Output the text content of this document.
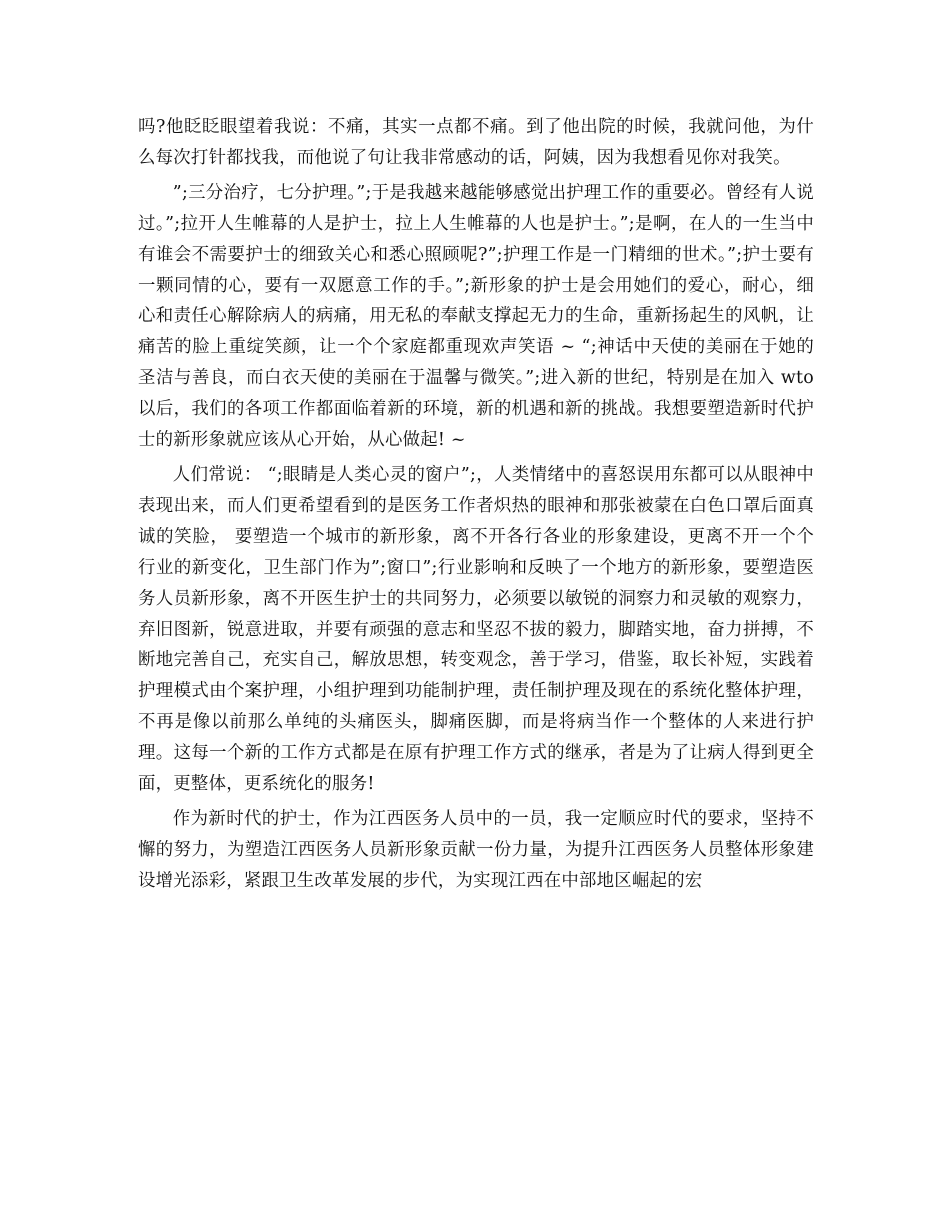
吗?他眨眨眼望着我说：不痛，其实一点都不痛。到了他出院的时候，我就问他，为什么每次打针都找我，而他说了句让我非常感动的话，阿姨，因为我想看见你对我笑。

”;三分治疗，七分护理。”;于是我越来越能够感觉出护理工作的重要必。曾经有人说过。”;拉开人生帷幕的人是护士，拉上人生帷幕的人也是护士。”;是啊，在人的一生当中有谁会不需要护士的细致关心和悉心照顾呢?”;护理工作是一门精细的世术。”;护士要有一颗同情的心，要有一双愿意工作的手。”;新形象的护士是会用她们的爱心，耐心，细心和责任心解除病人的病痛，用无私的奉献支撑起无力的生命，重新扬起生的风帆，让痛苦的脸上重绽笑颜，让一个个家庭都重现欢声笑语 ~ “;神话中天使的美丽在于她的圣洁与善良，而白衣天使的美丽在于温馨与微笑。”;进入新的世纪，特别是在加入 wto 以后，我们的各项工作都面临着新的环境，新的机遇和新的挑战。我想要塑造新时代护士的新形象就应该从心开始，从心做起! ~

人们常说： “;眼睛是人类心灵的窗户”;，人类情绪中的喜怒误用东都可以从眼神中表现出来，而人们更希望看到的是医务工作者炽热的眼神和那张被蒙在白色口罩后面真诚的笑脸， 要塑造一个城市的新形象，离不开各行各业的形象建设，更离不开一个个行业的新变化，卫生部门作为”;窗口”;行业影响和反映了一个地方的新形象，要塑造医务人员新形象，离不开医生护士的共同努力，必须要以敏锐的洞察力和灵敏的观察力，弃旧图新，锐意进取，并要有顽强的意志和坚忍不拔的毅力，脚踏实地，奋力拼搏，不断地完善自己，充实自己，解放思想，转变观念，善于学习，借鉴，取长补短，实践着护理模式由个案护理，小组护理到功能制护理，责任制护理及现在的系统化整体护理，不再是像以前那么单纯的头痛医头，脚痛医脚，而是将病当作一个整体的人来进行护理。这每一个新的工作方式都是在原有护理工作方式的继承，者是为了让病人得到更全面，更整体，更系统化的服务!

作为新时代的护士，作为江西医务人员中的一员，我一定顺应时代的要求，坚持不懈的努力，为塑造江西医务人员新形象贡献一份力量，为提升江西医务人员整体形象建设增光添彩，紧跟卫生改革发展的步代，为实现江西在中部地区崛起的宏
